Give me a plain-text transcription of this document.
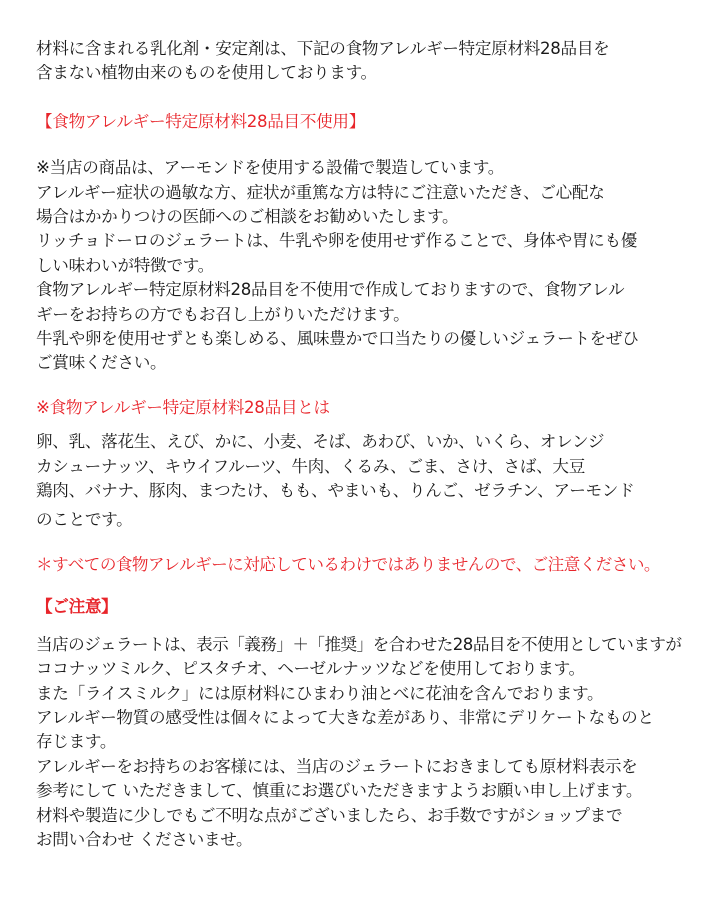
材料に含まれる乳化剤・安定剤は、下記の食物アレルギー特定原材料28品目を
含まない植物由来のものを使用しております。
【食物アレルギー特定原材料28品目不使用】
※当店の商品は、アーモンドを使用する設備で製造しています。
アレルギー症状の過敏な方、症状が重篤な方は特にご注意いただき、ご心配な
場合はかかりつけの医師へのご相談をお勧めいたします。
リッチョドーロのジェラートは、牛乳や卵を使用せず作ることで、身体や胃にも優
しい味わいが特徴です。
食物アレルギー特定原材料28品目を不使用で作成しておりますので、食物アレル
ギーをお持ちの方でもお召し上がりいただけます。
牛乳や卵を使用せずとも楽しめる、風味豊かで口当たりの優しいジェラートをぜひ
ご賞味ください。
※食物アレルギー特定原材料28品目とは
卵、乳、落花生、えび、かに、小麦、そば、あわび、いか、いくら、オレンジ
カシューナッツ、キウイフルーツ、牛肉、くるみ、ごま、さけ、さば、大豆
鶏肉、バナナ、豚肉、まつたけ、もも、やまいも、りんご、ゼラチン、アーモンド
のことです。
＊すべての食物アレルギーに対応しているわけではありませんので、ご注意ください。
【ご注意】
当店のジェラートは、表示「義務」＋「推奨」を合わせた28品目を不使用としていますが
ココナッツミルク、ピスタチオ、ヘーゼルナッツなどを使用しております。
また「ライスミルク」には原材料にひまわり油とべに花油を含んでおります。
アレルギー物質の感受性は個々によって大きな差があり、非常にデリケートなものと
存じます。
アレルギーをお持ちのお客様には、当店のジェラートにおきましても原材料表示を
参考にして いただきまして、慎重にお選びいただきますようお願い申し上げます。
材料や製造に少しでもご不明な点がございましたら、お手数ですがショップまで
お問い合わせ くださいませ。
